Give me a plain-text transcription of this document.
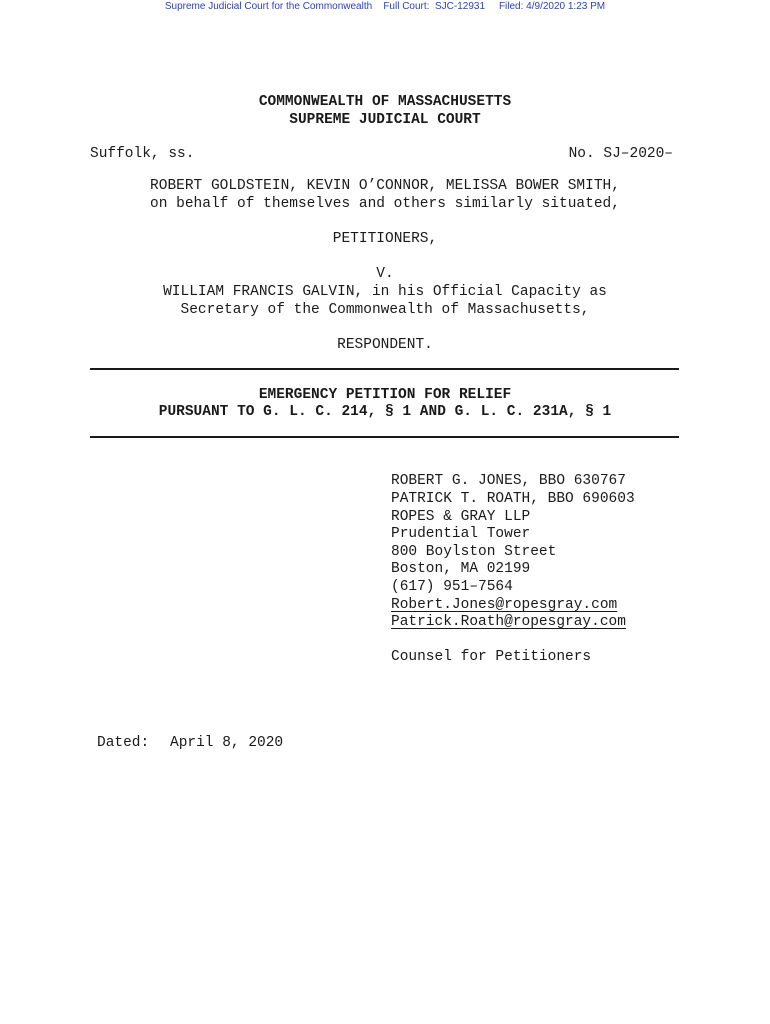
Supreme Judicial Court for the Commonwealth Full Court:  SJC-12931 Filed: 4/9/2020 1:23 PM
COMMONWEALTH OF MASSACHUSETTS
SUPREME JUDICIAL COURT
Suffolk, ss.	No. SJ–2020–
ROBERT GOLDSTEIN, KEVIN O’CONNOR, MELISSA BOWER SMITH,
on behalf of themselves and others similarly situated,
PETITIONERS,
V.
WILLIAM FRANCIS GALVIN, in his Official Capacity as
Secretary of the Commonwealth of Massachusetts,
RESPONDENT.
EMERGENCY PETITION FOR RELIEF
PURSUANT TO G. L. C. 214, § 1 AND G. L. C. 231A, § 1
ROBERT G. JONES, BBO 630767
PATRICK T. ROATH, BBO 690603
ROPES & GRAY LLP
Prudential Tower
800 Boylston Street
Boston, MA 02199
(617) 951–7564
Robert.Jones@ropesgray.com
Patrick.Roath@ropesgray.com
Counsel for Petitioners
Dated: April 8, 2020
